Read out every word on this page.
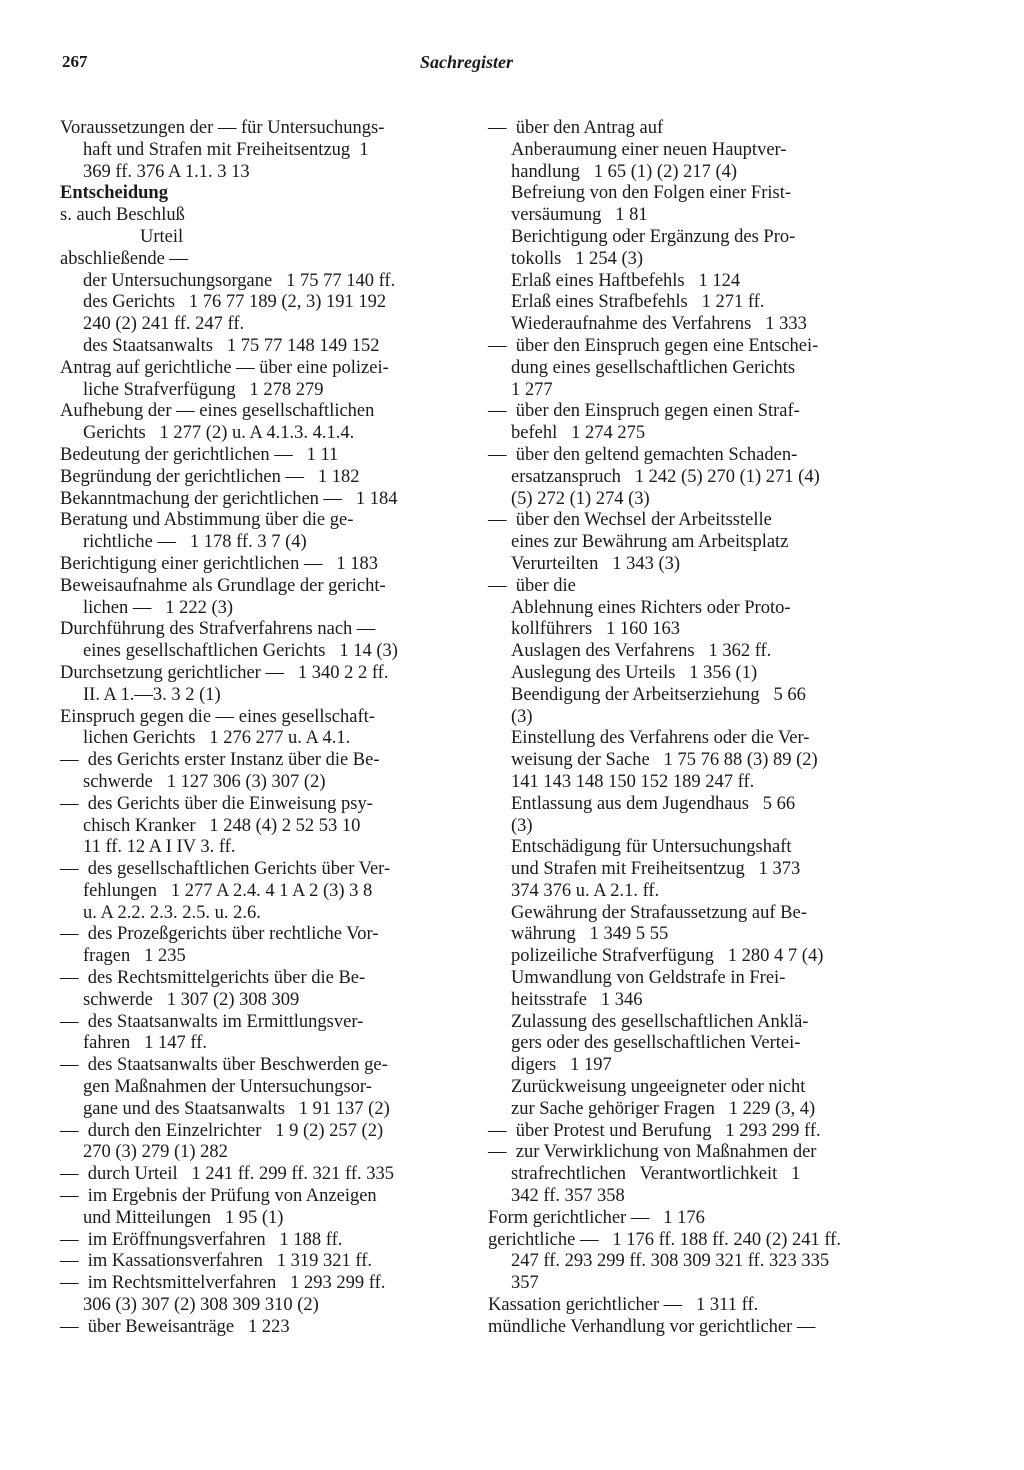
267	Sachregister
Voraussetzungen der — für Untersuchungs-
haft und Strafen mit Freiheitsentzug  1
369 ff. 376 A 1.1. 3 13
Entscheidung
s. auch Beschluß
Urteil
abschließende —
der Untersuchungsorgane   1 75 77 140 ff.
des Gerichts   1 76 77 189 (2, 3) 191 192
240 (2) 241 ff. 247 ff.
des Staatsanwalts   1 75 77 148 149 152
Antrag auf gerichtliche — über eine polizei-
liche Strafverfügung   1 278 279
Aufhebung der — eines gesellschaftlichen
Gerichts   1 277 (2) u. A 4.1.3. 4.1.4.
Bedeutung der gerichtlichen —   1 11
Begründung der gerichtlichen —   1 182
Bekanntmachung der gerichtlichen —   1 184
Beratung und Abstimmung über die ge-
richtliche —   1 178 ff. 3 7 (4)
Berichtigung einer gerichtlichen —   1 183
Beweisaufnahme als Grundlage der gericht-
lichen —   1 222 (3)
Durchführung des Strafverfahrens nach —
eines gesellschaftlichen Gerichts   1 14 (3)
Durchsetzung gerichtlicher —   1 340 2 2 ff.
II. A 1.—3. 3 2 (1)
Einspruch gegen die — eines gesellschaft-
lichen Gerichts   1 276 277 u. A 4.1.
—  des Gerichts erster Instanz über die Be-
schwerde   1 127 306 (3) 307 (2)
—  des Gerichts über die Einweisung psy-
chisch Kranker   1 248 (4) 2 52 53 10
11 ff. 12 A I IV 3. ff.
—  des gesellschaftlichen Gerichts über Ver-
fehlungen   1 277 A 2.4. 4 1 A 2 (3) 3 8
u. A 2.2. 2.3. 2.5. u. 2.6.
—  des Prozeßgerichts über rechtliche Vor-
fragen   1 235
—  des Rechtsmittelgerichts über die Be-
schwerde   1 307 (2) 308 309
—  des Staatsanwalts im Ermittlungsver-
fahren   1 147 ff.
—  des Staatsanwalts über Beschwerden ge-
gen Maßnahmen der Untersuchungsor-
gane und des Staatsanwalts   1 91 137 (2)
—  durch den Einzelrichter   1 9 (2) 257 (2)
270 (3) 279 (1) 282
—  durch Urteil   1 241 ff. 299 ff. 321 ff. 335
—  im Ergebnis der Prüfung von Anzeigen
und Mitteilungen   1 95 (1)
—  im Eröffnungsverfahren   1 188 ff.
—  im Kassationsverfahren   1 319 321 ff.
—  im Rechtsmittelverfahren   1 293 299 ff.
306 (3) 307 (2) 308 309 310 (2)
—  über Beweisanträge   1 223
—  über den Antrag auf
Anberaumung einer neuen Hauptver-
handlung   1 65 (1) (2) 217 (4)
Befreiung von den Folgen einer Frist-
versäumung   1 81
Berichtigung oder Ergänzung des Pro-
tokolls   1 254 (3)
Erlaß eines Haftbefehls   1 124
Erlaß eines Strafbefehls   1 271 ff.
Wiederaufnahme des Verfahrens   1 333
—  über den Einspruch gegen eine Entschei-
dung eines gesellschaftlichen Gerichts
1 277
—  über den Einspruch gegen einen Straf-
befehl   1 274 275
—  über den geltend gemachten Schaden-
ersatzanspruch   1 242 (5) 270 (1) 271 (4)
(5) 272 (1) 274 (3)
—  über den Wechsel der Arbeitsstelle
eines zur Bewährung am Arbeitsplatz
Verurteilten   1 343 (3)
—  über die
Ablehnung eines Richters oder Proto-
kollführers   1 160 163
Auslagen des Verfahrens   1 362 ff.
Auslegung des Urteils   1 356 (1)
Beendigung der Arbeitserziehung   5 66
(3)
Einstellung des Verfahrens oder die Ver-
weisung der Sache   1 75 76 88 (3) 89 (2)
141 143 148 150 152 189 247 ff.
Entlassung aus dem Jugendhaus   5 66
(3)
Entschädigung für Untersuchungshaft
und Strafen mit Freiheitsentzug   1 373
374 376 u. A 2.1. ff.
Gewährung der Strafaussetzung auf Be-
währung   1 349 5 55
polizeiliche Strafverfügung   1 280 4 7 (4)
Umwandlung von Geldstrafe in Frei-
heitsstrafe   1 346
Zulassung des gesellschaftlichen Anklä-
gers oder des gesellschaftlichen Vertei-
digers   1 197
Zurückweisung ungeeigneter oder nicht
zur Sache gehöriger Fragen   1 229 (3, 4)
—  über Protest und Berufung   1 293 299 ff.
—  zur Verwirklichung von Maßnahmen der
strafrechtlichen   Verantwortlichkeit   1
342 ff. 357 358
Form gerichtlicher —   1 176
gerichtliche —   1 176 ff. 188 ff. 240 (2) 241 ff.
247 ff. 293 299 ff. 308 309 321 ff. 323 335
357
Kassation gerichtlicher —   1 311 ff.
mündliche Verhandlung vor gerichtlicher —
